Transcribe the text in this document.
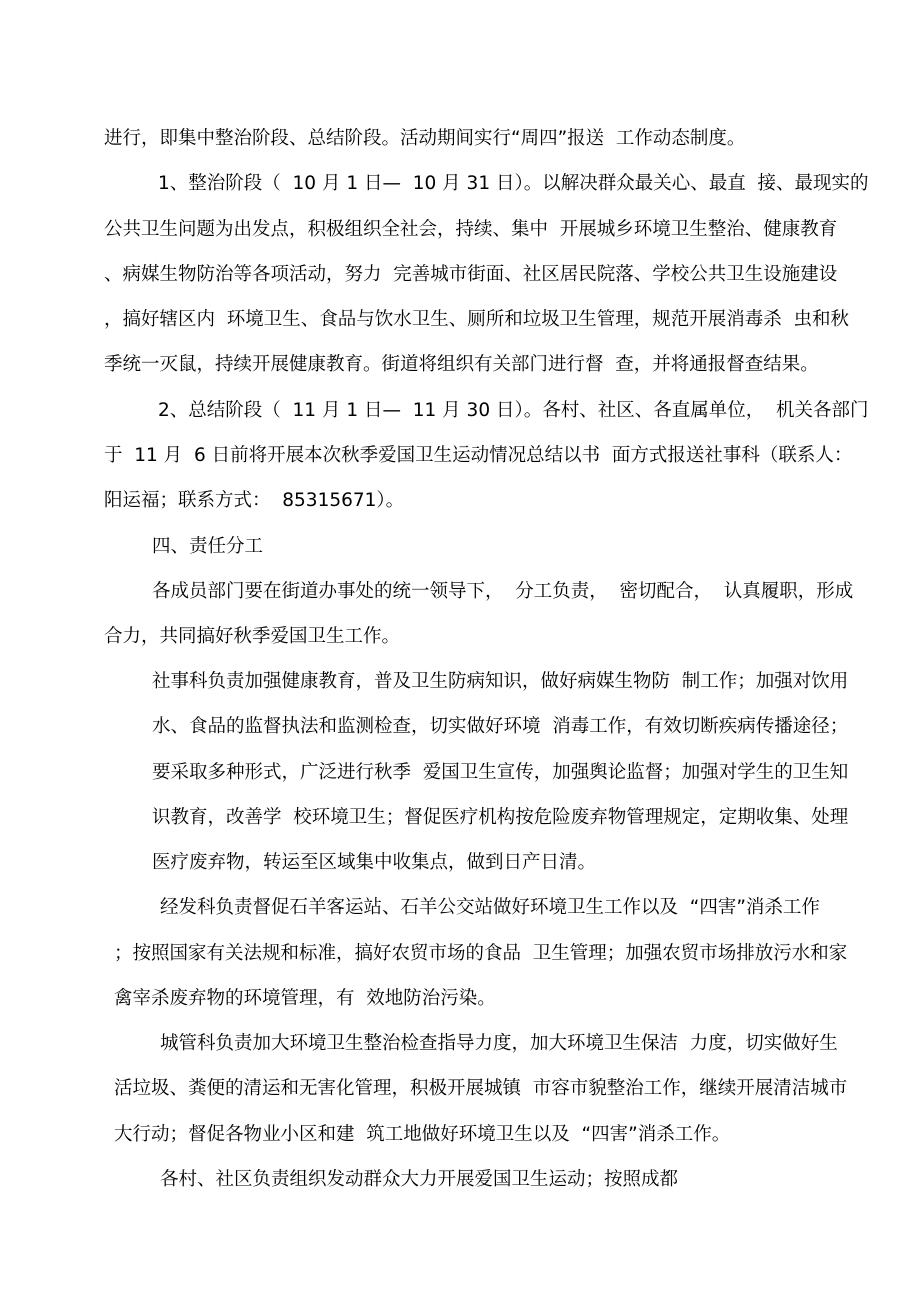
进行，即集中整治阶段、总结阶段。活动期间实行“周四”报送  工作动态制度。
1、整治阶段（  10 月 1 日—  10 月 31 日）。以解决群众最关心、最直  接、最现实的
公共卫生问题为出发点，积极组织全社会，持续、集中  开展城乡环境卫生整治、健康教育
、病媒生物防治等各项活动，努力  完善城市街面、社区居民院落、学校公共卫生设施建设
，搞好辖区内  环境卫生、食品与饮水卫生、厕所和垃圾卫生管理，规范开展消毒杀  虫和秋
季统一灭鼠，持续开展健康教育。街道将组织有关部门进行督  查，并将通报督查结果。
2、总结阶段（  11 月 1 日—  11 月 30 日）。各村、社区、各直属单位，  机关各部门
于  11 月  6 日前将开展本次秋季爱国卫生运动情况总结以书  面方式报送社事科（联系人：
阳运福；联系方式：  85315671）。
四、责任分工
各成员部门要在街道办事处的统一领导下，  分工负责，  密切配合，  认真履职，形成
合力，共同搞好秋季爱国卫生工作。
社事科负责加强健康教育，普及卫生防病知识，做好病媒生物防  制工作；加强对饮用
水、食品的监督执法和监测检查，切实做好环境  消毒工作，有效切断疾病传播途径；
要采取多种形式，广泛进行秋季  爱国卫生宣传，加强舆论监督；加强对学生的卫生知
识教育，改善学  校环境卫生；督促医疗机构按危险废弃物管理规定，定期收集、处理
医疗废弃物，转运至区域集中收集点，做到日产日清。
经发科负责督促石羊客运站、石羊公交站做好环境卫生工作以及  “四害”消杀工作
；按照国家有关法规和标准，搞好农贸市场的食品  卫生管理；加强农贸市场排放污水和家
禽宰杀废弃物的环境管理，有  效地防治污染。
城管科负责加大环境卫生整治检查指导力度，加大环境卫生保洁  力度，切实做好生
活垃圾、粪便的清运和无害化管理，积极开展城镇  市容市貌整治工作，继续开展清洁城市
大行动；督促各物业小区和建  筑工地做好环境卫生以及  “四害”消杀工作。
各村、社区负责组织发动群众大力开展爱国卫生运动；按照成都
